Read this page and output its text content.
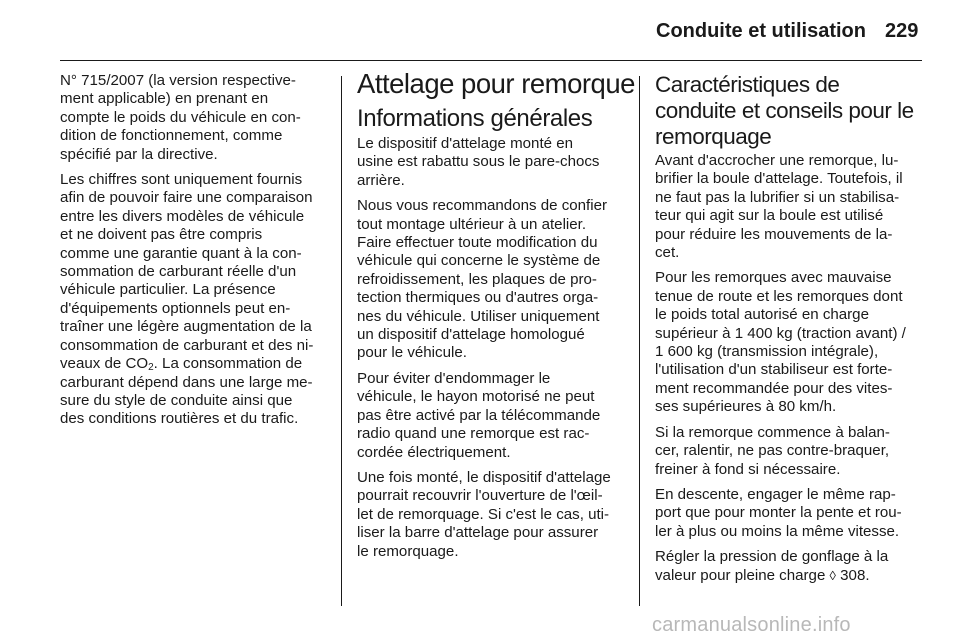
Conduite et utilisation 229

N° 715/2007 (la version respective-
ment applicable) en prenant en
compte le poids du véhicule en con-
dition de fonctionnement, comme
spécifié par la directive.

Les chiffres sont uniquement fournis
afin de pouvoir faire une comparaison
entre les divers modèles de véhicule
et ne doivent pas être compris
comme une garantie quant à la con-
sommation de carburant réelle d'un
véhicule particulier. La présence
d'équipements optionnels peut en-
traîner une légère augmentation de la
consommation de carburant et des ni-
veaux de $CO_2$. La consommation de
carburant dépend dans une large me-
sure du style de conduite ainsi que
des conditions routières et du trafic.

Attelage pour remorque
Informations générales

Le dispositif d'attelage monté en
usine est rabattu sous le pare-chocs
arrière.

Nous vous recommandons de confier
tout montage ultérieur à un atelier.
Faire effectuer toute modification du
véhicule qui concerne le système de
refroidissement, les plaques de pro-
tection thermiques ou d'autres orga-
nes du véhicule. Utiliser uniquement
un dispositif d'attelage homologué
pour le véhicule.

Pour éviter d'endommager le
véhicule, le hayon motorisé ne peut
pas être activé par la télécommande
radio quand une remorque est rac-
cordée électriquement.

Une fois monté, le dispositif d'attelage
pourrait recouvrir l'ouverture de l'œil-
let de remorquage. Si c'est le cas, uti-
liser la barre d'attelage pour assurer
le remorquage.

Caractéristiques de
conduite et conseils pour le
remorquage

Avant d'accrocher une remorque, lu-
brifier la boule d'attelage. Toutefois, il
ne faut pas la lubrifier si un stabilisa-
teur qui agit sur la boule est utilisé
pour réduire les mouvements de la-
cet.

Pour les remorques avec mauvaise
tenue de route et les remorques dont
le poids total autorisé en charge
supérieur à 1 400 kg (traction avant) /
1 600 kg (transmission intégrale),
l'utilisation d'un stabiliseur est forte-
ment recommandée pour des vites-
ses supérieures à 80 km/h.

Si la remorque commence à balan-
cer, ralentir, ne pas contre-braquer,
freiner à fond si nécessaire.

En descente, engager le même rap-
port que pour monter la pente et rou-
ler à plus ou moins la même vitesse.

Régler la pression de gonflage à la
valeur pour pleine charge ◊ 308.

carmanualsonline.info
